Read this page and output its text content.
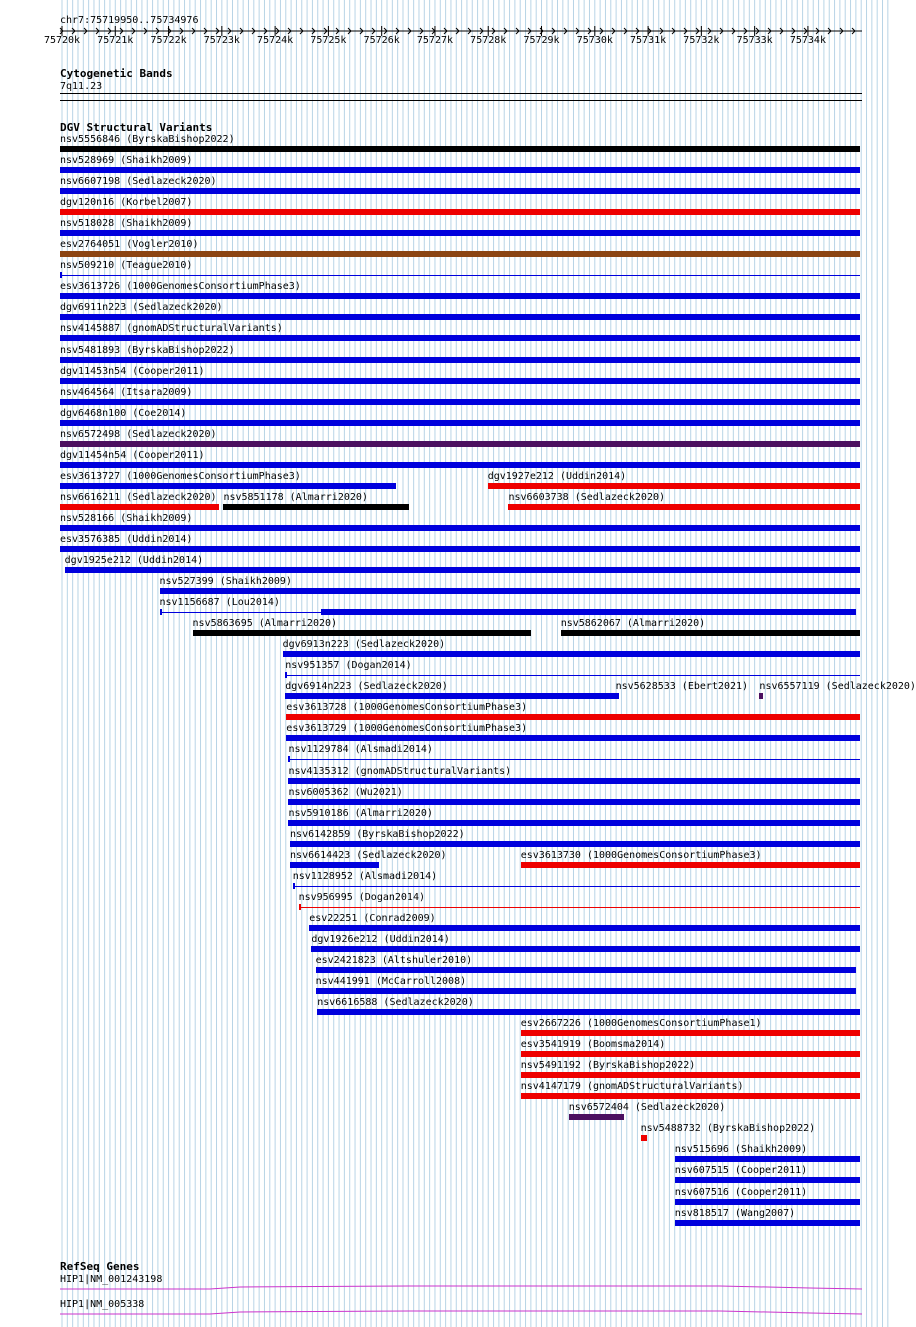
chr7:75719950..75734976
75720k 75721k 75722k 75723k 75724k 75725k 75726k 75727k 75728k 75729k 75730k 75731k 75732k 75733k 75734k
Cytogenetic Bands
7q11.23
DGV Structural Variants
nsv5556846 (ByrskaBishop2022)
nsv528969 (Shaikh2009)
nsv6607198 (Sedlazeck2020)
dgv120n16 (Korbel2007)
nsv518028 (Shaikh2009)
esv2764051 (Vogler2010)
nsv509210 (Teague2010)
esv3613726 (1000GenomesConsortiumPhase3)
dgv6911n223 (Sedlazeck2020)
nsv4145887 (gnomADStructuralVariants)
nsv5481893 (ByrskaBishop2022)
dgv11453n54 (Cooper2011)
nsv464564 (Itsara2009)
dgv6468n100 (Coe2014)
nsv6572498 (Sedlazeck2020)
dgv11454n54 (Cooper2011)
esv3613727 (1000GenomesConsortiumPhase3)	dgv1927e212 (Uddin2014)
nsv6616211 (Sedlazeck2020) nsv5851178 (Almarri2020)	nsv6603738 (Sedlazeck2020)
nsv528166 (Shaikh2009)
esv3576385 (Uddin2014)
dgv1925e212 (Uddin2014)
nsv527399 (Shaikh2009)
nsv1156687 (Lou2014)
nsv5863695 (Almarri2020)	nsv5862067 (Almarri2020)
dgv6913n223 (Sedlazeck2020)
nsv951357 (Dogan2014)
dgv6914n223 (Sedlazeck2020)	nsv5628533 (Ebert2021) nsv6557119 (Sedlazeck2020)
esv3613728 (1000GenomesConsortiumPhase3)
esv3613729 (1000GenomesConsortiumPhase3)
nsv1129784 (Alsmadi2014)
nsv4135312 (gnomADStructuralVariants)
nsv6005362 (Wu2021)
nsv5910186 (Almarri2020)
nsv6142859 (ByrskaBishop2022)
nsv6614423 (Sedlazeck2020)	esv3613730 (1000GenomesConsortiumPhase3)
nsv1128952 (Alsmadi2014)
nsv956995 (Dogan2014)
esv22251 (Conrad2009)
dgv1926e212 (Uddin2014)
esv2421823 (Altshuler2010)
nsv441991 (McCarroll2008)
nsv6616588 (Sedlazeck2020)
esv2667226 (1000GenomesConsortiumPhase1)
esv3541919 (Boomsma2014)
nsv5491192 (ByrskaBishop2022)
nsv4147179 (gnomADStructuralVariants)
nsv6572404 (Sedlazeck2020)
nsv5488732 (ByrskaBishop2022)
nsv515696 (Shaikh2009)
nsv607515 (Cooper2011)
nsv607516 (Cooper2011)
nsv818517 (Wang2007)
RefSeq Genes
HIP1|NM_001243198
HIP1|NM_005338
